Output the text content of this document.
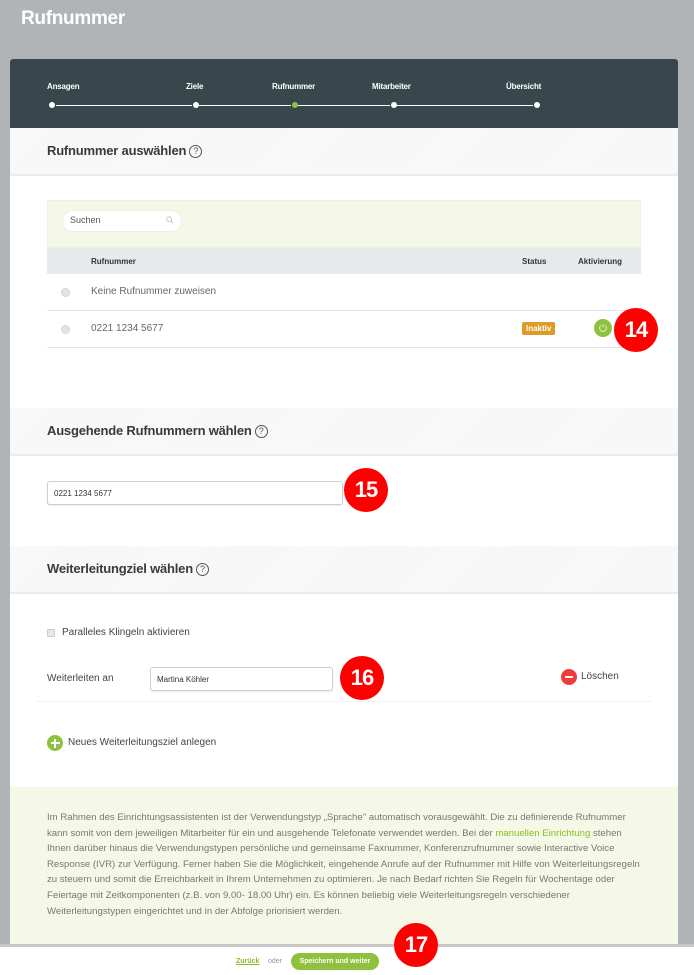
Rufnummer
Ansagen	Ziele	Rufnummer	Mitarbeiter	Übersicht
Rufnummer auswählen ?
Suchen
Rufnummer	Status	Aktivierung
Keine Rufnummer zuweisen
0221 1234 5677	Inaktiv	14
Ausgehende Rufnummern wählen ?
0221 1234 5677
15
Weiterleitungziel wählen ?
Paralleles Klingeln aktivieren
Weiterleiten an
Martina Köhler	16	Löschen
Neues Weiterleitungsziel anlegen

Im Rahmen des Einrichtungsassistenten ist der Verwendungstyp „Sprache" automatisch vorausgewählt. Die zu definierende Rufnummer kann somit von dem jeweiligen Mitarbeiter für ein und ausgehende Telefonate verwendet werden. Bei der manuellen Einrichtung stehen Ihnen darüber hinaus die Verwendungstypen persönliche und gemeinsame Faxnummer, Konferenzrufnummer sowie Interactive Voice Response (IVR) zur Verfügung. Ferner haben Sie die Möglichkeit, eingehende Anrufe auf der Rufnummer mit Hilfe von Weiterleitungsregeln zu steuern und somit die Erreichbarkeit in Ihrem Unternehmen zu optimieren. Je nach Bedarf richten Sie Regeln für Wochentage oder Feiertage mit Zeitkomponenten (z.B. von 9.00- 18.00 Uhr) ein. Es können beliebig viele Weiterleitungsregeln verschiedener Weiterleitungstypen eingerichtet und in der Abfolge priorisiert werden.

Zurück oder	Speichern und weiter
17
